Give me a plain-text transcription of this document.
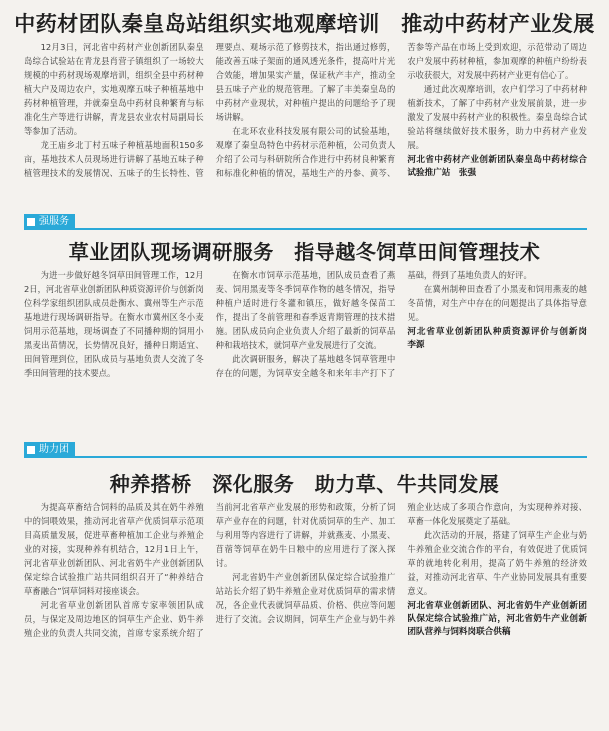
中药材团队秦皇岛站组织实地观摩培训　推动中药材产业发展

12月3日，河北省中药材产业创新团队秦皇岛综合试验站在青龙县肖营子镇组织了一场较大规模的中药材现场观摩培训，组织全县中药材种植大户及周边农户，实地观摩五味子种植基地中药材种植管理，并就秦皇岛中药材良种繁育与标准化生产等进行讲解，青龙县农业农村局副局长等参加了活动。

龙王庙乡北丁村五味子种植基地面积150多亩，基地技术人员现场进行讲解了基地五味子种植管理技术的发展情况、五味子的生长特性、管理要点、观场示范了修剪技术，指出通过修剪，能改善五味子架面的通风透光条件，提高叶片光合效能，增加果实产量，保证秋产丰产，推动全县五味子产业的规范管理。了解了丰美秦皇岛的中药材产业现状，对种植户提出的问题给予了现场讲解。

在北环农业科技发展有限公司的试验基地，观摩了秦皇岛特色中药材示范种植，公司负责人介绍了公司与科研院所合作进行中药材良种繁育和标准化种植的情况，基地生产的丹参、黄芩、苦参等产品在市场上受到欢迎，示范带动了周边农户发展中药材种植，参加观摩的种植户纷纷表示收获很大，对发展中药材产业更有信心了。

通过此次观摩培训，农户们学习了中药材种植新技术，了解了中药材产业发展前景，进一步激发了发展中药材产业的积极性。秦皇岛综合试验站将继续做好技术服务，助力中药材产业发展。

河北省中药材产业创新团队秦皇岛中药材综合试验推广站　张强
强服务
草业团队现场调研服务　指导越冬饲草田间管理技术

为进一步做好越冬饲草田间管理工作，12月2日，河北省草业创新团队种质资源评价与创新岗位科学家组织团队成员赴衡水、冀州等生产示范基地进行现场调研指导。在衡水市冀州区冬小麦饲用示范基地，现场调查了不同播种期的饲用小黑麦出苗情况，长势情况良好，播种日期适宜、田间管理到位，团队成员与基地负责人交流了冬季田间管理的技术要点。

在衡水市饲草示范基地，团队成员查看了燕麦、饲用黑麦等冬季饲草作物的越冬情况，指导种植户适时进行冬灌和镇压，做好越冬保苗工作，提出了冬前管理和春季返青期管理的技术措施。团队成员向企业负责人介绍了最新的饲草品种和栽培技术，就饲草产业发展进行了交流。

此次调研服务，解决了基地越冬饲草管理中存在的问题，为饲草安全越冬和来年丰产打下了基础，得到了基地负责人的好评。

在冀州制种田查看了小黑麦和饲用燕麦的越冬苗情，对生产中存在的问题提出了具体指导意见。

河北省草业创新团队种质资源评价与创新岗　李源
助力团
种养搭桥　深化服务　助力草、牛共同发展

为提高草畜结合饲料的品质及其在奶牛养殖中的饲喂效果，推动河北省草产优质饲草示范项目高质量发展，促进草畜种植加工企业与养殖企业的对接，实现种养有机结合，12月1日上午，河北省草业创新团队、河北省奶牛产业创新团队保定综合试验推广站共同组织召开了“种养结合 草畜融合”饲草饲料对接座谈会。

河北省草业创新团队首席专家率领团队成员，与保定及周边地区的饲草生产企业、奶牛养殖企业的负责人共同交流，首席专家系统介绍了当前河北省草产业发展的形势和政策，分析了饲草产业存在的问题，针对优质饲草的生产、加工与利用等内容进行了讲解，并就燕麦、小黑麦、苜蓿等饲草在奶牛日粮中的应用进行了深入探讨。

河北省奶牛产业创新团队保定综合试验推广站站长介绍了奶牛养殖企业对优质饲草的需求情况，各企业代表就饲草品质、价格、供应等问题进行了交流。会议期间，饲草生产企业与奶牛养殖企业达成了多项合作意向，为实现种养对接、草畜一体化发展奠定了基础。

此次活动的开展，搭建了饲草生产企业与奶牛养殖企业交流合作的平台，有效促进了优质饲草的就地转化利用，提高了奶牛养殖的经济效益，对推动河北省草、牛产业协同发展具有重要意义。

河北省草业创新团队、河北省奶牛产业创新团队保定综合试验推广站，河北省奶牛产业创新团队营养与饲料岗联合供稿
